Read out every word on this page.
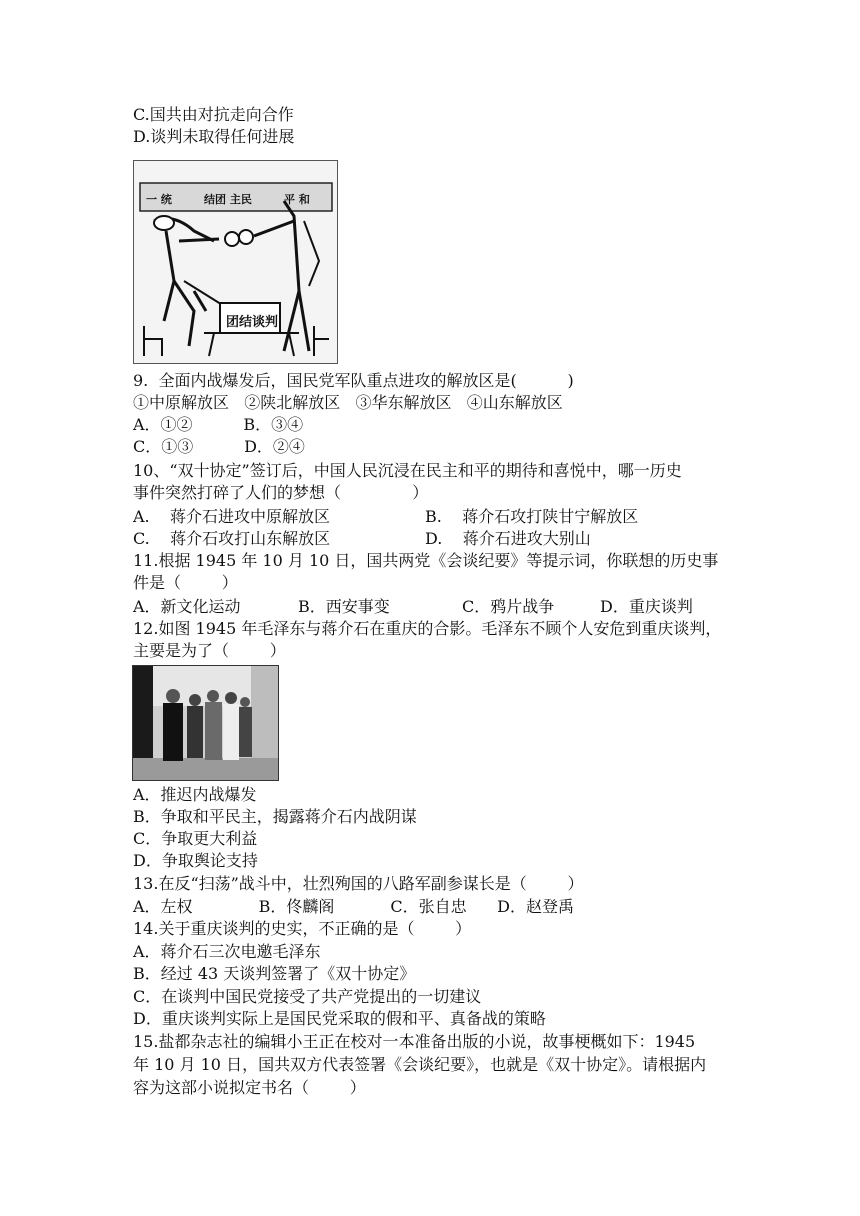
C.国共由对抗走向合作
D.谈判未取得任何进展
一 统	结团 主民	平 和
团结谈判
9.  全面内战爆发后，国民党军队重点进攻的解放区是(          )
①中原解放区   ②陕北解放区   ③华东解放区   ④山东解放区
A．①②          B．③④
C．①③          D．②④
10、“双十协定”签订后，中国人民沉浸在民主和平的期待和喜悦中，哪一历史
事件突然打碎了人们的梦想（              ）
A.    蒋介石进攻中原解放区	B.    蒋介石攻打陕甘宁解放区
C.    蒋介石攻打山东解放区	D.    蒋介石进攻大别山
11.根据 1945 年 10 月 10 日，国共两党《会谈纪要》等提示词，你联想的历史事
件是（        ）
A．新文化运动	B．西安事变	C．鸦片战争	D．重庆谈判
12.如图 1945 年毛泽东与蒋介石在重庆的合影。毛泽东不顾个人安危到重庆谈判，
主要是为了（        ）
A．推迟内战爆发
B．争取和平民主，揭露蒋介石内战阴谋
C．争取更大利益
D．争取舆论支持
13.在反“扫荡”战斗中，壮烈殉国的八路军副参谋长是（        ）
A．左权             B．佟麟阁           C．张自忠      D．赵登禹
14.关于重庆谈判的史实，不正确的是（        ）
A．蒋介石三次电邀毛泽东
B．经过 43 天谈判签署了《双十协定》
C．在谈判中国民党接受了共产党提出的一切建议
D．重庆谈判实际上是国民党采取的假和平、真备战的策略
15.盐都杂志社的编辑小王正在校对一本准备出版的小说，故事梗概如下：1945
年 10 月 10 日，国共双方代表签署《会谈纪要》，也就是《双十协定》。请根据内
容为这部小说拟定书名（        ）
